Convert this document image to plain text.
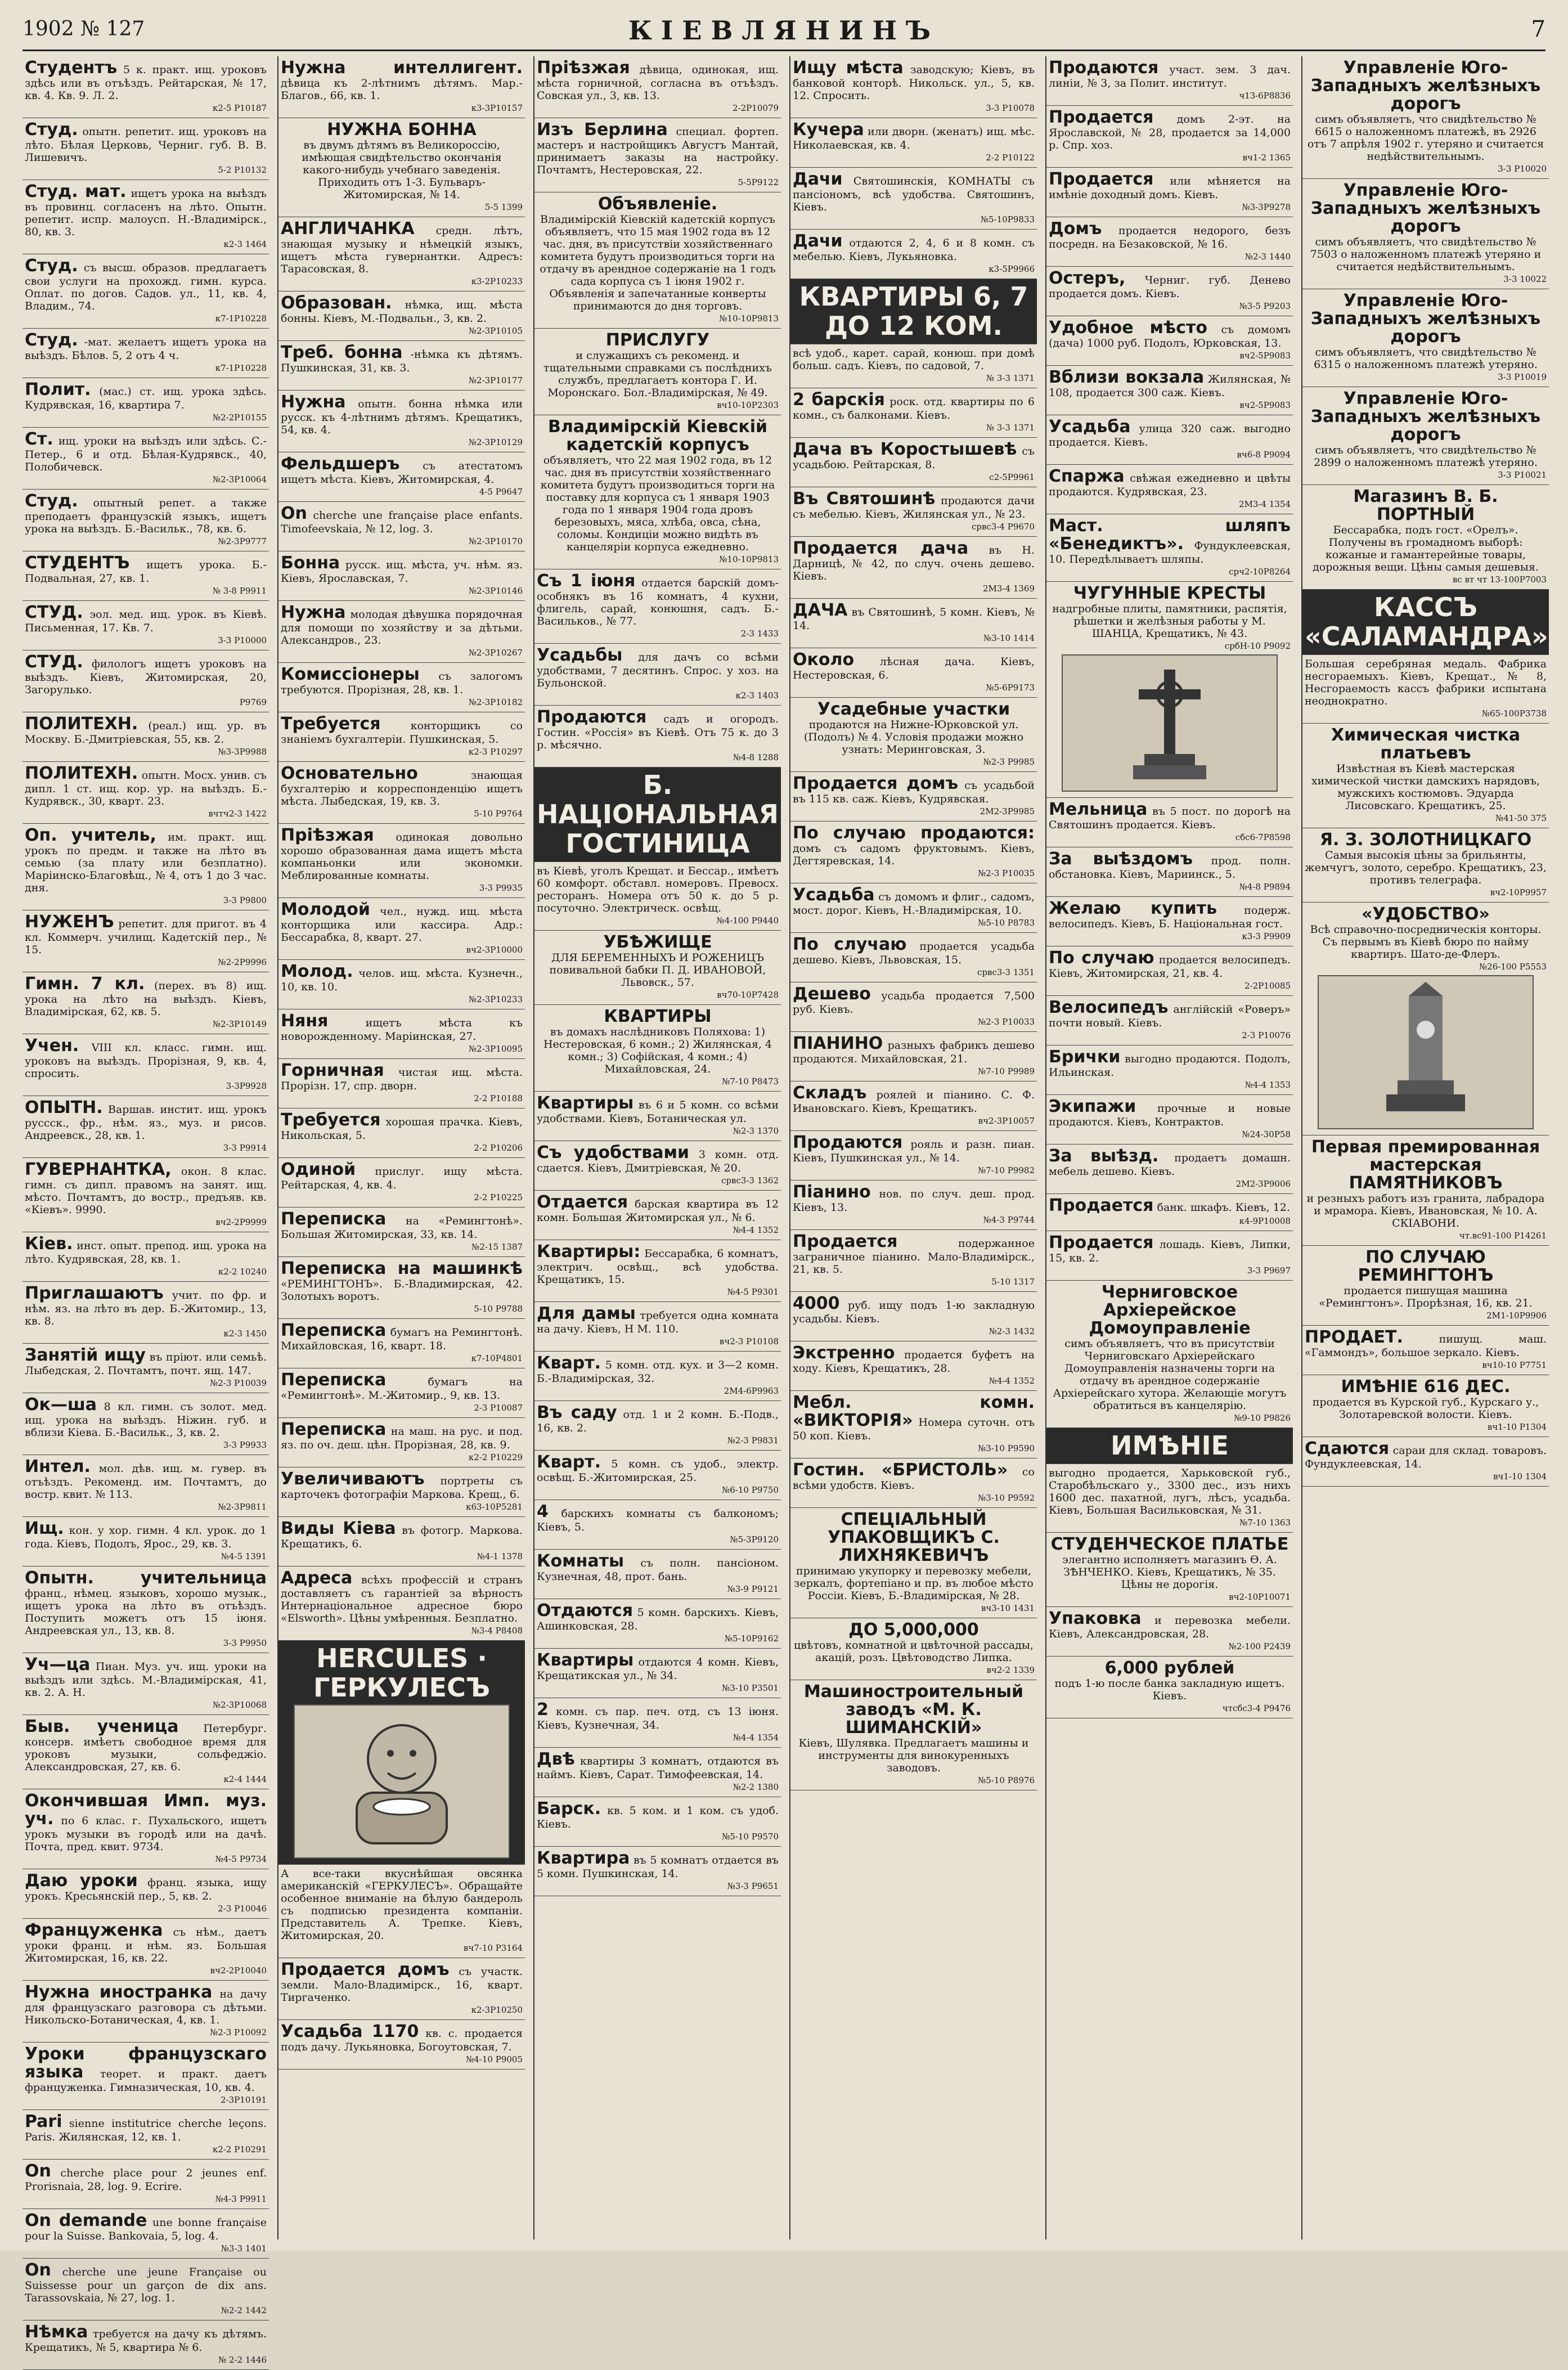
1902 № 127	КІЕВЛЯНИНЪ	7
Студентъ 5 к. практ. ищ. уроковъ здѣсь или въ отъѣздъ. Рейтарская, № 17, кв. 4. Кв. 9. Л. 2.
к2-5 Р10187
Студ. опытн. репетит. ищ. уроковъ на лѣто. Бѣлая Церковь, Черниг. губ. В. В. Лишевичъ.
5-2 Р10132
Студ. мат. ищетъ урока на выѣздъ въ провинц. согласенъ на лѣто. Опытн. репетит. испр. малоусп. Н.-Владимірск., 80, кв. 3.
к2-3 1464
Студ. съ высш. образов. предлагаетъ свои услуги на прохожд. гимн. курса. Оплат. по догов. Садов. ул., 11, кв. 4, Владим., 74.
к7-1Р10228
Студ. -мат. желаетъ ищетъ урока на выѣздъ. Бѣлов. 5, 2 отъ 4 ч.
к7-1Р10228
Полит. (мас.) ст. ищ. урока здѣсь. Кудрявская, 16, квартира 7.
№2-2Р10155
Ст. ищ. уроки на выѣздъ или здѣсь. С.-Петер., 6 и отд. Бѣлая-Кудрявск., 40, Полобичевск.
№2-3Р10064
Студ. опытный репет. а также преподаетъ французскій языкъ, ищетъ урока на выѣздъ. Б.-Васильк., 78, кв. 6.
№2-3Р9777
СТУДЕНТЪ ищетъ урока. Б.-Подвальная, 27, кв. 1.
№ 3-8 Р9911
СТУД. эол. мед. ищ. урок. въ Кіевѣ. Письменная, 17. Кв. 7.
3-3 Р10000
СТУД. филологъ ищетъ уроковъ на выѣздъ. Кіевъ, Житомирская, 20, Загорулько.
Р9769
ПОЛИТЕХН. (реал.) ищ. ур. въ Москву. Б.-Дмитріевская, 55, кв. 2.
№3-3Р9988
ПОЛИТЕХН. опытн. Мосх. унив. съ дипл. 1 ст. ищ. кор. ур. на выѣздъ. Б.-Кудрявск., 30, кварт. 23.
вчтч2-3 1422
Оп. учитель, им. практ. ищ. урокъ по предм. и также на лѣто въ семью (за плату или безплатно). Маріинско-Благовѣщ., № 4, отъ 1 до 3 час. дня.
3-3 Р9800
НУЖЕНЪ репетит. для пригот. въ 4 кл. Коммерч. училищ. Кадетскій пер., № 15.
№2-2Р9996
Гимн. 7 кл. (перех. въ 8) ищ. урока на лѣто на выѣздъ. Кіевъ, Владимірская, 62, кв. 5.
№2-3Р10149
Учен. VIII кл. класс. гимн. ищ. уроковъ на выѣздъ. Прорізная, 9, кв. 4, спросить.
3-3Р9928
ОПЫТН. Варшав. инстит. ищ. урокъ руссск., фр., нѣм. яз., муз. и рисов. Андреевск., 28, кв. 1.
3-3 Р9914
ГУВЕРНАНТКА, окон. 8 клас. гимн. съ дипл. правомъ на занят. ищ. мѣсто. Почтамтъ, до востр., предъяв. кв. «Кіевъ». 9990.
вч2-2Р9999
Кіев. инст. опыт. препод. ищ. урока на лѣто. Кудрявская, 28, кв. 1.
к2-2 10240
Приглашаютъ учит. по фр. и нѣм. яз. на лѣто въ дер. Б.-Житомир., 13, кв. 8.
к2-3 1450
Занятій ищу въ пріют. или семьѣ. Лыбедская, 2. Почтамтъ, почт. ящ. 147.
№2-3 Р10039
Ок—ша 8 кл. гимн. съ золот. мед. ищ. урока на выѣздъ. Ніжин. губ. и вблизи Кіева. Б.-Васильк., 3, кв. 2.
3-3 Р9933
Интел. мол. дѣв. ищ. м. гувер. въ отъѣздъ. Рекоменд. им. Почтамтъ, до востр. квит. № 113.
№2-3Р9811
Ищ. кон. у хор. гимн. 4 кл. урок. до 1 года. Кіевъ, Подолъ, Ярос., 29, кв. 3.
№4-5 1391
Опытн. учительница франц., нѣмец. языковъ, хорошо музык., ищетъ урока на лѣто въ отъѣздъ. Поступить можетъ отъ 15 іюня. Андреевская ул., 13, кв. 8.
3-3 Р9950
Уч—ца Пиан. Муз. уч. ищ. уроки на выѣздъ или здѣсь. М.-Владимірская, 41, кв. 2. А. Н.
№2-3Р10068
Быв. ученица Петербург. консерв. имѣетъ свободное время для уроковъ музыки, сольфеджіо. Александровская, 27, кв. 6.
к2-4 1444
Окончившая Имп. муз. уч. по 6 клас. г. Пухальского, ищетъ урокъ музыки въ городѣ или на дачѣ. Почта, пред. квит. 9734.
№4-5 Р9734
Даю уроки франц. языка, ищу урокъ. Кресьянскій пер., 5, кв. 2.
2-3 Р10046
Француженка съ нѣм., даетъ уроки франц. и нѣм. яз. Большая Житомирская, 16, кв. 22.
вч2-2Р10040
Нужна иностранка на дачу для французскаго разговора съ дѣтьми. Никольско-Ботаническая, 4, кв. 1.
№2-3 Р10092
Уроки французскаго языка теорет. и практ. даетъ француженка. Гимназическая, 10, кв. 4.
2-3Р10191
Pari sienne institutrice cherche leçons. Paris. Жилянская, 12, кв. 1.
к2-2 Р10291
On cherche place pour 2 jeunes enf. Prorisnaia, 28, log. 9. Ecrire.
№4-3 Р9911
On demande une bonne française pour la Suisse. Bankovaia, 5, log. 4.
№3-3 1401
On cherche une jeune Française ou Suissesse pour un garçon de dix ans. Tarassovskaia, № 27, log. 1.
№2-2 1442
Нѣмка требуется на дачу къ дѣтямъ. Крещатикъ, № 5, квартира № 6.
№ 2-2 1446
Нужна интеллигент. дѣвица къ 2-лѣтнимъ дѣтямъ. Мар.-Благов., 66, кв. 1.
к3-3Р10157
НУЖНА БОННА
въ двумъ дѣтямъ въ Великороссію, имѣющая свидѣтельство окончанія какого-нибудь учебнаго заведенія. Приходить отъ 1-3. Бульваръ-Житомирская, № 14.
5-5 1399
АНГЛИЧАНКА средн. лѣтъ, знающая музыку и нѣмецкій языкъ, ищетъ мѣста гувернантки. Адресъ: Тарасовская, 8.
к3-2Р10233
Образован. нѣмка, ищ. мѣста бонны. Кіевъ, М.-Подвальн., 3, кв. 2.
№2-3Р10105
Треб. бонна -нѣмка къ дѣтямъ. Пушкинская, 31, кв. 3.
№2-3Р10177
Нужна опытн. бонна нѣмка или русск. къ 4-лѣтнимъ дѣтямъ. Крещатикъ, 54, кв. 4.
№2-3Р10129
Фельдшеръ съ атестатомъ ищетъ мѣста. Кіевъ, Житомирская, 4.
4-5 Р9647
On cherche une française place enfants. Timofeevskaia, № 12, log. 3.
№2-3Р10170
Бонна русск. ищ. мѣста, уч. нѣм. яз. Кіевъ, Ярославская, 7.
№2-3Р10146
Нужна молодая дѣвушка порядочная для помощи по хозяйству и за дѣтьми. Александров., 23.
№2-3Р10267
Комиссіонеры съ залогомъ требуются. Прорізная, 28, кв. 1.
№2-3Р10182
Требуется	конторщикъ со знаніемъ бухгалтеріи. Пушкинская, 5.
к2-3 Р10297
Основательно	знающая бухгалтерію и корреспонденцію ищетъ мѣста. Лыбедская, 19, кв. 3.
5-10 Р9764
Пріѣзжая одинокая довольно хорошо образованная дама ищетъ мѣста компаньонки или экономки. Меблированные комнаты.
3-3 Р9935
Молодой чел., нужд. ищ. мѣста конторщика или кассира. Адр.: Бессарабка, 8, кварт. 27.
вч2-3Р10000
Молод. челов. ищ. мѣста. Кузнечн., 10, кв. 10.
№2-3Р10233
Няня	ищетъ мѣста къ новорожденному. Маріинская, 27.
№2-3Р10095
Горничная чистая ищ. мѣста. Прорізн. 17, спр. дворн.
2-2 Р10188
Требуется хорошая прачка. Кіевъ, Никольская, 5.
2-2 Р10206
Одиной прислуг. ищу мѣста. Рейтарская, 4, кв. 4.
2-2 Р10225
Переписка на «Ремингтонѣ». Большая Житомирская, 33, кв. 14.
№2-15 1387
Переписка на машинкѣ «РЕМИНГТОНЪ». Б.-Владимирская, 42. Золотыхъ воротъ.
5-10 Р9788
Переписка бумагъ на Ремингтонѣ. Михайловская, 16, кварт. 18.
к7-10Р4801
Переписка	бумагъ на «Ремингтонѣ». М.-Житомир., 9, кв. 13.
2-3 Р10087
Переписка на маш. на рус. и под. яз. по оч. деш. цѣн. Прорізная, 28, кв. 9.
к2-2 Р10229
Увеличиваютъ портреты съ карточекъ фотографіи Маркова. Крещ., 6.
к63-10Р5281
Виды Кіева въ фотогр. Маркова. Крещатикъ, 6.
№4-1 1378
Адреса всѣхъ профессій и странъ доставляетъ съ гарантіей за вѣрность Интернаціональное адресное бюро «Elsworth». Цѣны умѣренныя. Безплатно.
№3-4 Р8408
HERCULES · ГЕРКУЛЕСЪ
А все-таки вкуснѣйшая овсянка американскій «ГЕРКУЛЕСЪ». Обращайте особенное вниманіе на бѣлую бандероль съ подписью президента компаніи. Представитель А. Трепке. Кіевъ, Житомирская, 20.
вч7-10 Р3164
Продается домъ съ участк. земли. Мало-Владимірск., 16, кварт. Тиргаченко.
к2-3Р10250
Усадьба 1170 кв. с. продается подъ дачу. Лукьяновка, Богоутовская, 7.
№4-10 Р9005
Пріѣзжая дѣвица, одинокая, ищ. мѣста горничной, согласна въ отъѣздъ. Совская ул., 3, кв. 13.
2-2Р10079
Изъ Берлина специал. фортеп. мастеръ и настройщикъ Августъ Мантай, принимаетъ заказы на настройку. Почтамтъ, Нестеровская, 22.
5-5Р9122
Объявленіе.
Владимірскій Кіевскій кадетскій корпусъ объявляетъ, что 15 мая 1902 года въ 12 час. дня, въ присутствіи хозяйственнаго комитета будутъ производиться торги на отдачу въ арендное содержаніе на 1 годъ сада корпуса съ 1 іюня 1902 г. Объявленія и запечатанные конверты принимаются до дня торговъ.
№10-10Р9813
ПРИСЛУГУ
и служащихъ съ рекоменд. и тщательными справками съ послѣднихъ службъ, предлагаетъ контора Г. И. Моронскаго. Бол.-Владимірская, № 49.
вч10-10Р2303
Владимірскій Кіевскій кадетскій корпусъ
объявляетъ, что 22 мая 1902 года, въ 12 час. дня въ присутствіи хозяйственнаго комитета будутъ производиться торги на поставку для корпуса съ 1 января 1903 года по 1 января 1904 года дровъ березовыхъ, мяса, хлѣба, овса, сѣна, соломы. Кондиціи можно видѣть въ канцеляріи корпуса ежедневно.
№10-10Р9813
Съ 1 іюня отдается барскій домъ-особнякъ въ 16 комнатъ, 4 кухни, флигель, сарай, конюшня, садъ. Б.-Васильков., № 77.
2-3 1433
Усадьбы для дачъ со всѣми удобствами, 7 десятинъ. Спрос. у хоз. на Бульонской.
к2-3 1403
Продаются садъ и огородъ. Гостин. «Россія» въ Кіевѣ. Отъ 75 к. до 3 р. мѣсячно.
№4-8 1288
Б. НАЦІОНАЛЬНАЯ ГОСТИНИЦА
въ Кіевѣ, уголъ Крещат. и Бессар., имѣетъ 60 комфорт. обставл. номеровъ. Превосх. ресторанъ. Номера отъ 50 к. до 5 р. посуточно. Электрическ. освѣщ.
№4-100 Р9440
УБѢЖИЩЕ
ДЛЯ БЕРЕМЕННЫХЪ И РОЖЕНИЦЪ повивальной бабки П. Д. ИВАНОВОЙ, Львовск., 57.
вч70-10Р7428
КВАРТИРЫ
въ домахъ наслѣдниковъ Поляхова: 1) Нестеровская, 6 комн.; 2) Жилянская, 4 комн.; 3) Софійская, 4 комн.; 4) Михайловская, 24.
№7-10 Р8473
Квартиры въ 6 и 5 комн. со всѣми удобствами. Кіевъ, Ботаническая ул.
№2-3 1370
Съ удобствами 3 комн. отд. сдается. Кіевъ, Дмитріевская, № 20.
срвс3-3 1362
Отдается барская квартира въ 12 комн. Большая Житомирская ул., № 6.
№4-4 1352
Квартиры: Бессарабка, 6 комнатъ, электрич. освѣщ., всѣ удобства. Крещатикъ, 15.
№4-5 Р9301
Для дамы требуется одна комната на дачу. Кіевъ, Н М. 110.
вч2-3 Р10108
Кварт. 5 комн. отд. кух. и 3—2 комн. Б.-Владимірская, 32.
2М4-6Р9963
Въ саду отд. 1 и 2 комн. Б.-Подв., 16, кв. 2.
№2-3 Р9831
Кварт. 5 комн. съ удоб., электр. освѣщ. Б.-Житомирская, 25.
№6-10 Р9750
4 барскихъ комнаты съ балкономъ; Кіевъ, 5.
№5-3Р9120
Комнаты съ полн. пансіоном. Кузнечная, 48, прот. бань.
№3-9 Р9121
Отдаются 5 комн. барскихъ. Кіевъ, Ашинковская, 28.
№5-10Р9162
Квартиры отдаются 4 комн. Кіевъ, Крещатикская ул., № 34.
№3-10 Р3501
2 комн. съ пар. печ. отд. съ 13 іюня. Кіевъ, Кузнечная, 34.
№4-4 1354
Двѣ квартиры 3 комнатъ, отдаются въ наймъ. Кіевъ, Сарат. Тимофеевская, 14.
№2-2 1380
Барск. кв. 5 ком. и 1 ком. съ удоб. Кіевъ.
№5-10 Р9570
Квартира въ 5 комнатъ отдается въ 5 комн. Пушкинская, 14.
№3-3 Р9651
Ищу мѣста заводскую; Кіевъ, въ банковой конторѣ. Никольск. ул., 5, кв. 12. Спросить.
3-3 Р10078
Кучера или дворн. (женатъ) ищ. мѣс. Николаевская, кв. 4.
2-2 Р10122
Дачи Святошинскія, КОМНАТЫ съ пансіономъ, всѣ удобства. Святошинъ, Кіевъ.
№5-10Р9833
Дачи отдаются 2, 4, 6 и 8 комн. съ мебелью. Кіевъ, Лукьяновка.
к3-5Р9966
КВАРТИРЫ 6, 7 ДО 12 КОМ.
всѣ удоб., карет. сарай, конюш. при домѣ больш. садъ. Кіевъ, по садовой, 7.
№ 3-3 1371
2 барскія роск. отд. квартиры по 6 комн., съ балконами. Кіевъ.
№ 3-3 1371
Дача въ Коростышевѣ съ усадьбою. Рейтарская, 8.
с2-5Р9961
Въ Святошинѣ продаются дачи съ мебелью. Кіевъ, Жилянская ул., № 23.
срвс3-4 Р9670
Продается дача въ Н. Дарницѣ, № 42, по случ. очень дешево. Кіевъ.
2М3-4 1369
ДАЧА въ Святошинѣ, 5 комн. Кіевъ, № 14.
№3-10 1414
Около лѣсная дача. Кіевъ, Нестеровская, 6.
№5-6Р9173
Усадебные участки
продаются на Нижне-Юрковской ул. (Подолъ) № 4. Условія продажи можно узнать: Меринговская, 3.
№2-3 Р9985
Продается домъ съ усадьбой въ 115 кв. саж. Кіевъ, Кудрявская.
2М2-3Р9985
По случаю продаются: домъ съ садомъ фруктовымъ. Кіевъ, Дегтяревская, 14.
№2-3 Р10035
Усадьба съ домомъ и флиг., садомъ, мост. дорог. Кіевъ, Н.-Владимірская, 10.
№5-10 Р8783
По случаю продается усадьба дешево. Кіевъ, Львовская, 15.
срвс3-3 1351
Дешево усадьба продается 7,500 руб. Кіевъ.
№2-3 Р10033
ПІАНИНО разныхъ фабрикъ дешево продаются. Михайловская, 21.
№7-10 Р9989
Складъ роялей и піанино. С. Ф. Ивановскаго. Кіевъ, Крещатикъ.
вч2-3Р10057
Продаются рояль и разн. пиан. Кіевъ, Пушкинская ул., № 14.
№7-10 Р9982
Піанино нов. по случ. деш. прод. Кіевъ, 13.
№4-3 Р9744
Продается	подержанное заграничное піанино. Мало-Владимірск., 21, кв. 5.
5-10 1317
4000 руб. ищу подъ 1-ю закладную усадьбы. Кіевъ.
№2-3 1432
Экстренно продается буфетъ на ходу. Кіевъ, Крещатикъ, 28.
№4-4 1352
Мебл. комн. «ВИКТОРІЯ» Номера суточн. отъ 50 коп. Кіевъ.
№3-10 Р9590
Гостин. «БРИСТОЛЬ» со всѣми удобств. Кіевъ.
№3-10 Р9592
СПЕЦІАЛЬНЫЙ УПАКОВЩИКЪ С. ЛИХНЯКЕВИЧЪ
принимаю укупорку и перевозку мебели, зеркалъ, фортепіано и пр. въ любое мѣсто Россіи. Кіевъ, Б.-Владимірская, № 28.
вч3-10 1431
ДО 5,000,000
цвѣтовъ, комнатной и цвѣточной рассады, акацій, розъ. Цвѣтоводство Липка.
вч2-2 1339
Машиностроительный заводъ «М. К. ШИМАНСКІЙ»
Кіевъ, Шулявка. Предлагаетъ машины и инструменты для винокуренныхъ заводовъ.
№5-10 Р8976
Продаются участ. зем. 3 дач. линіи, № 3, за Полит. институт.
ч1З-6Р8836
Продается домъ 2-эт. на Ярославской, № 28, продается за 14,000 р. Спр. хоз.
вч1-2 1365
Продается или мѣняется на имѣніе доходный домъ. Кіевъ.
№3-3Р9278
Домъ продается недорого, безъ посредн. на Безаковской, № 16.
№2-3 1440
Остеръ, Черниг. губ. Денево продается домъ. Кіевъ.
№3-5 Р9203
Удобное мѣсто съ домомъ (дача) 1000 руб. Подолъ, Юрковская, 13.
вч2-5Р9083
Вблизи вокзала Жилянская, № 108, продается 300 саж. Кіевъ.
вч2-5Р9083
Усадьба улица 320 саж. выгодно продается. Кіевъ.
вч6-8 Р9094
Спаржа свѣжая ежедневно и цвѣты продаются. Кудрявская, 23.
2М3-4 1354
Маст. шляпъ «Бенедиктъ». Фундуклеевская, 10. Передѣлываетъ шляпы.
срч2-10Р8264
ЧУГУННЫЕ КРЕСТЫ
надгробные плиты, памятники, распятія, рѣшетки и желѣзныя работы у М. ШАНЦА, Крещатикъ, № 43.
србН-10 Р9092
Мельница въ 5 пост. по дорогѣ на Святошинъ продается. Кіевъ.
сбс6-7Р8598
За выѣздомъ прод. полн. обстановка. Кіевъ, Мариинск., 5.
№4-8 Р9894
Желаю купить	подерж. велосипедъ. Кіевъ, Б. Національная гост.
к3-3 Р9909
По случаю продается велосипедъ. Кіевъ, Житомирская, 21, кв. 4.
2-2Р10085
Велосипедъ англійскій «Роверъ» почти новый. Кіевъ.
2-3 Р10076
Брички выгодно продаются. Подолъ, Ильинская.
№4-4 1353
Экипажи прочные и новые продаются. Кіевъ, Контрактов.
№24-30Р58
За выѣзд. продаетъ домашн. мебель дешево. Кіевъ.
2М2-3Р9006
Продается банк. шкафъ. Кіевъ, 12.
к4-9Р10008
Продается лошадь. Кіевъ, Липки, 15, кв. 2.
3-3 Р9697
Черниговское Архіерейское Домоуправленіе
симъ объявляетъ, что въ присутствіи Черниговскаго Архіерейскаго Домоуправленія назначены торги на отдачу въ арендное содержаніе Архіерейскаго хутора. Желающіе могутъ обратиться въ канцелярію.
№9-10 Р9826
ИМѢНІЕ
выгодно продается, Харьковской губ., Старобѣльскаго у., 3300 дес., изъ нихъ 1600 дес. пахатной, лугъ, лѣсъ, усадьба. Кіевъ, Большая Васильковская, № 31.
№7-10 1363
СТУДЕНЧЕСКОЕ ПЛАТЬЕ
элегантно исполняетъ магазинъ Ѳ. А. ЗѢНЧЕНКО. Кіевъ, Крещатикъ, № 35. Цѣны не дорогія.
вч2-10Р10071
Упаковка и перевозка мебели. Кіевъ, Александровская, 28.
№2-100 Р2439
6,000 рублей
подъ 1-ю после банка закладную ищетъ. Кіевъ.
чтсбс3-4 Р9476
Управленіе Юго-Западныхъ желѣзныхъ дорогъ
симъ объявляетъ, что свидѣтельство № 6615 о наложенномъ платежѣ, въ 2926 отъ 7 апрѣля 1902 г. утеряно и считается недѣйствительнымъ.
3-3 Р10020
Управленіе Юго-Западныхъ желѣзныхъ дорогъ
симъ объявляетъ, что свидѣтельство № 7503 о наложенномъ платежѣ утеряно и считается недѣйствительнымъ.
3-3 10022
Управленіе Юго-Западныхъ желѣзныхъ дорогъ
симъ объявляетъ, что свидѣтельство № 6315 о наложенномъ платежѣ утеряно.
3-3 Р10019
Управленіе Юго-Западныхъ желѣзныхъ дорогъ
симъ объявляетъ, что свидѣтельство № 2899 о наложенномъ платежѣ утеряно.
3-3 Р10021
Магазинъ В. Б. ПОРТНЫЙ
Бессарабка, подъ гост. «Орелъ». Получены въ громадномъ выборѣ: кожаные и гамантерейные товары, дорожныя вещи. Цѣны самыя дешевыя.
вс вт чт 13-100Р7003
КАССЪ «САЛАМАНДРА»
Большая серебряная медаль. Фабрика несгораемыхъ. Кіевъ, Крещат., № 8, Несгораемость кассъ фабрики испытана неоднократно.
№65-100Р3738
Химическая чистка платьевъ
Извѣстная въ Кіевѣ мастерская химической чистки дамскихъ нарядовъ, мужскихъ костюмовъ. Эдуарда Лисовскаго. Крещатикъ, 25.
№41-50 375
Я. З. ЗОЛОТНИЦКАГО
Самыя высокія цѣны за брильянты, жемчугъ, золото, серебро. Крещатикъ, 23, противъ телеграфа.
вч2-10Р9957
«УДОБСТВО»
Всѣ справочно-посредническія конторы. Съ первымъ въ Кіевѣ бюро по найму квартиръ. Шато-де-Флеръ.
№26-100 Р5553
Первая премированная мастерская ПАМЯТНИКОВЪ
и резныхъ работъ изъ гранита, лабрадора и мрамора. Кіевъ, Ивановская, № 10. А. СКІАВОНИ.
чт.вс91-100 Р14261
ПО СЛУЧАЮ РЕМИНГТОНЪ
продается пишущая машина «Ремингтонъ». Прорѣзная, 16, кв. 21.
2М1-10Р9906
ПРОДАЕТ.	пишущ. маш. «Гаммондъ», большое зеркало. Кіевъ.
вч10-10 Р7751
ИМѢНІЕ 616 ДЕС.
продается въ Курской губ., Курскаго у., Золотаревской волости. Кіевъ.
вч1-10 Р1304
Сдаются сараи для склад. товаровъ. Фундуклеевская, 14.
вч1-10 1304
